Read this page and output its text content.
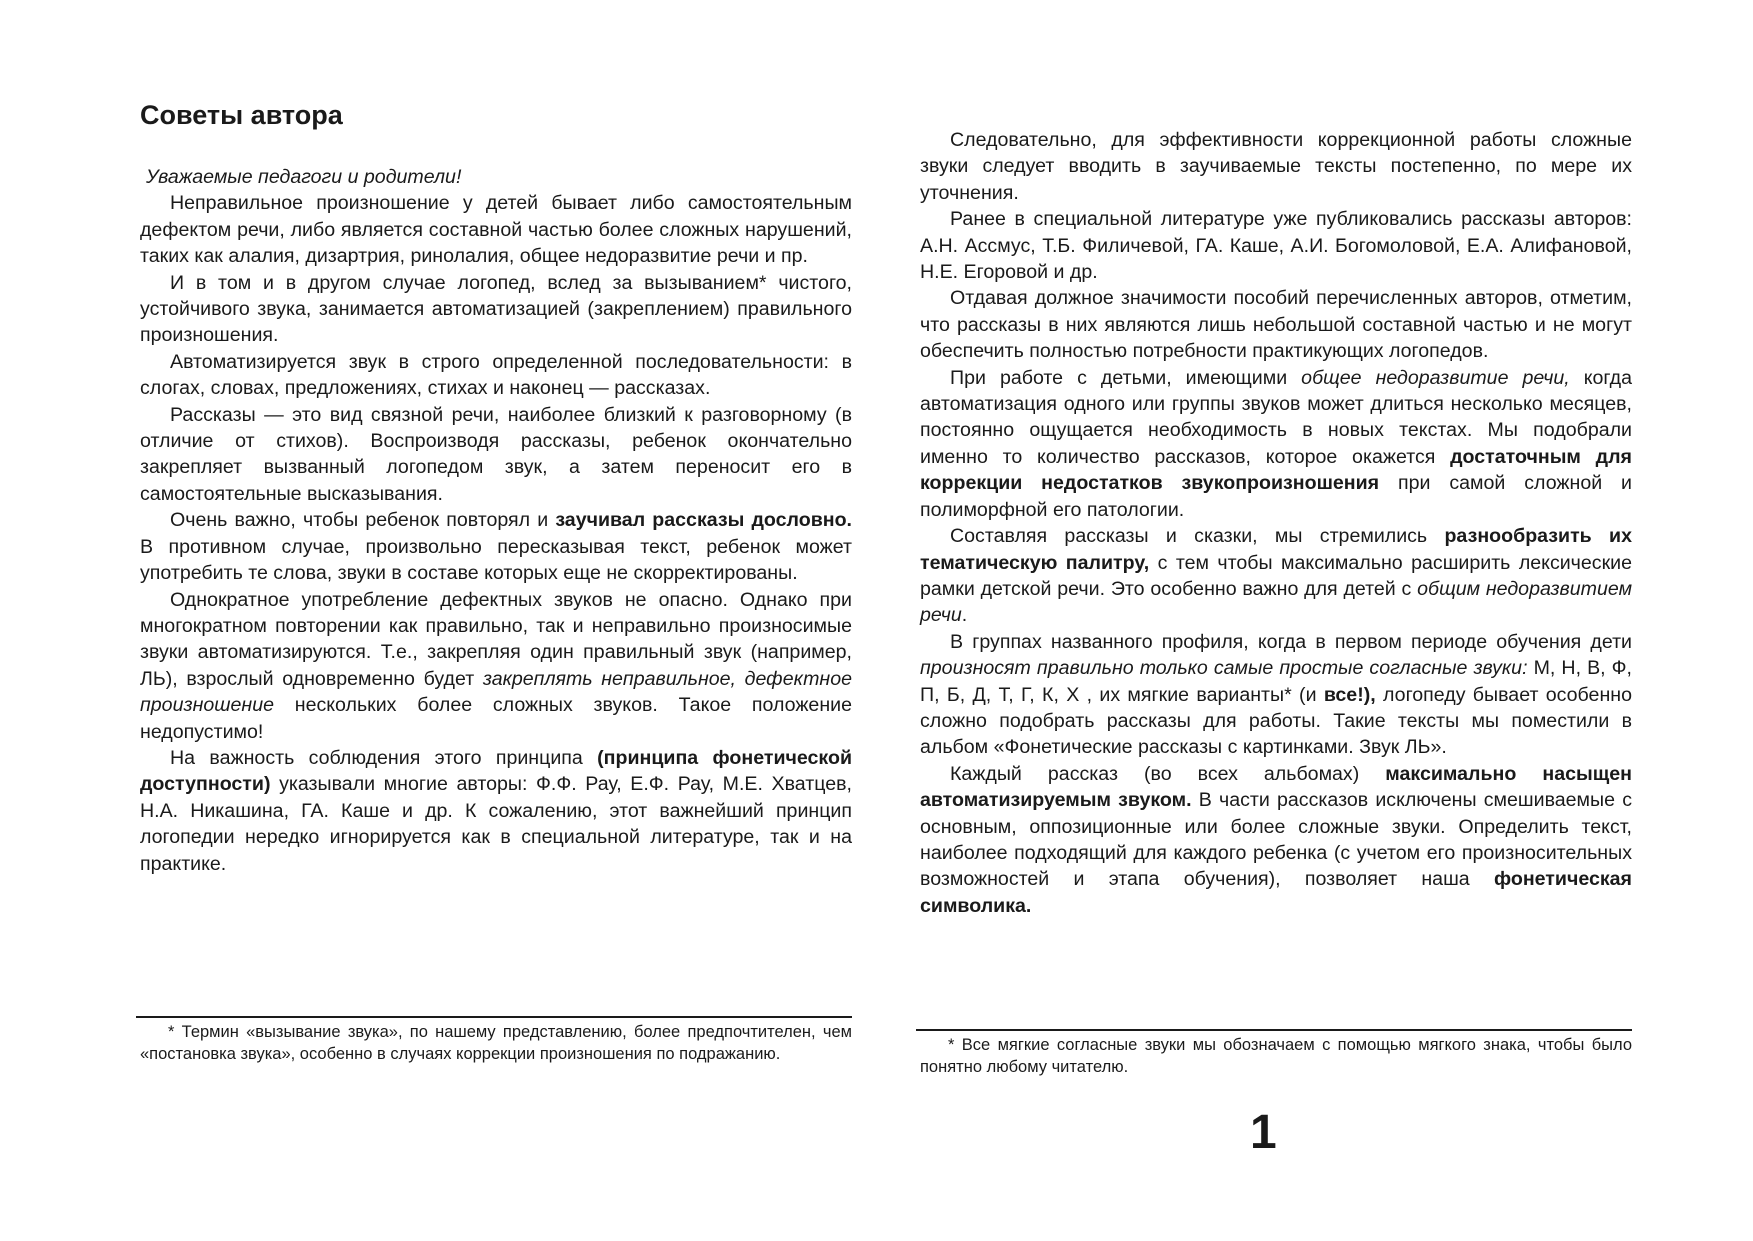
Советы автора

Уважаемые педагоги и родители!

Неправильное произношение у детей бывает либо самостоятельным дефектом речи, либо является составной частью более сложных нарушений, таких как алалия, дизартрия, ринолалия, общее недоразвитие речи и пр.

И в том и в другом случае логопед, вслед за вызыванием* чистого, устойчивого звука, занимается автоматизацией (закреплением) правильного произношения.

Автоматизируется звук в строго определенной последовательности: в слогах, словах, предложениях, стихах и наконец — рассказах.

Рассказы — это вид связной речи, наиболее близкий к разговорному (в отличие от стихов). Воспроизводя рассказы, ребенок окончательно закрепляет вызванный логопедом звук, а затем переносит его в самостоятельные высказывания.

Очень важно, чтобы ребенок повторял и заучивал рассказы дословно. В противном случае, произвольно пересказывая текст, ребенок может употребить те слова, звуки в составе которых еще не скорректированы.

Однократное употребление дефектных звуков не опасно. Однако при многократном повторении как правильно, так и неправильно произносимые звуки автоматизируются. Т.е., закрепляя один правильный звук (например, ЛЬ), взрослый одновременно будет закреплять неправильное, дефектное произношение нескольких более сложных звуков. Такое положение недопустимо!

На важность соблюдения этого принципа (принципа фонетической доступности) указывали многие авторы: Ф.Ф. Рау, Е.Ф. Рау, М.Е. Хватцев, Н.А. Никашина, ГА. Каше и др. К сожалению, этот важнейший принцип логопедии нередко игнорируется как в специальной литературе, так и на практике.

* Термин «вызывание звука», по нашему представлению, более предпочтителен, чем «постановка звука», особенно в случаях коррекции произношения по подражанию.

Следовательно, для эффективности коррекционной работы сложные звуки следует вводить в заучиваемые тексты постепенно, по мере их уточнения.

Ранее в специальной литературе уже публиковались рассказы авторов: А.Н. Ассмус, Т.Б. Филичевой, ГА. Каше, А.И. Богомоловой, Е.А. Алифановой, Н.Е. Егоровой и др.

Отдавая должное значимости пособий перечисленных авторов, отметим, что рассказы в них являются лишь небольшой составной частью и не могут обеспечить полностью потребности практикующих логопедов.

При работе с детьми, имеющими общее недоразвитие речи, когда автоматизация одного или группы звуков может длиться несколько месяцев, постоянно ощущается необходимость в новых текстах. Мы подобрали именно то количество рассказов, которое окажется достаточным для коррекции недостатков звукопроизношения при самой сложной и полиморфной его патологии.

Составляя рассказы и сказки, мы стремились разнообразить их тематическую палитру, с тем чтобы максимально расширить лексические рамки детской речи. Это особенно важно для детей с общим недоразвитием речи.

В группах названного профиля, когда в первом периоде обучения дети произносят правильно только самые простые согласные звуки: М, Н, В, Ф, П, Б, Д, Т, Г, К, Х , их мягкие варианты* (и все!), логопеду бывает особенно сложно подобрать рассказы для работы. Такие тексты мы поместили в альбом «Фонетические рассказы с картинками. Звук ЛЬ».

Каждый рассказ (во всех альбомах) максимально насыщен автоматизируемым звуком. В части рассказов исключены смешиваемые с основным, оппозиционные или более сложные звуки. Определить текст, наиболее подходящий для каждого ребенка (с учетом его произносительных возможностей и этапа обучения), позволяет наша фонетическая символика.

* Все мягкие согласные звуки мы обозначаем с помощью мягкого знака, чтобы было понятно любому читателю.

1
